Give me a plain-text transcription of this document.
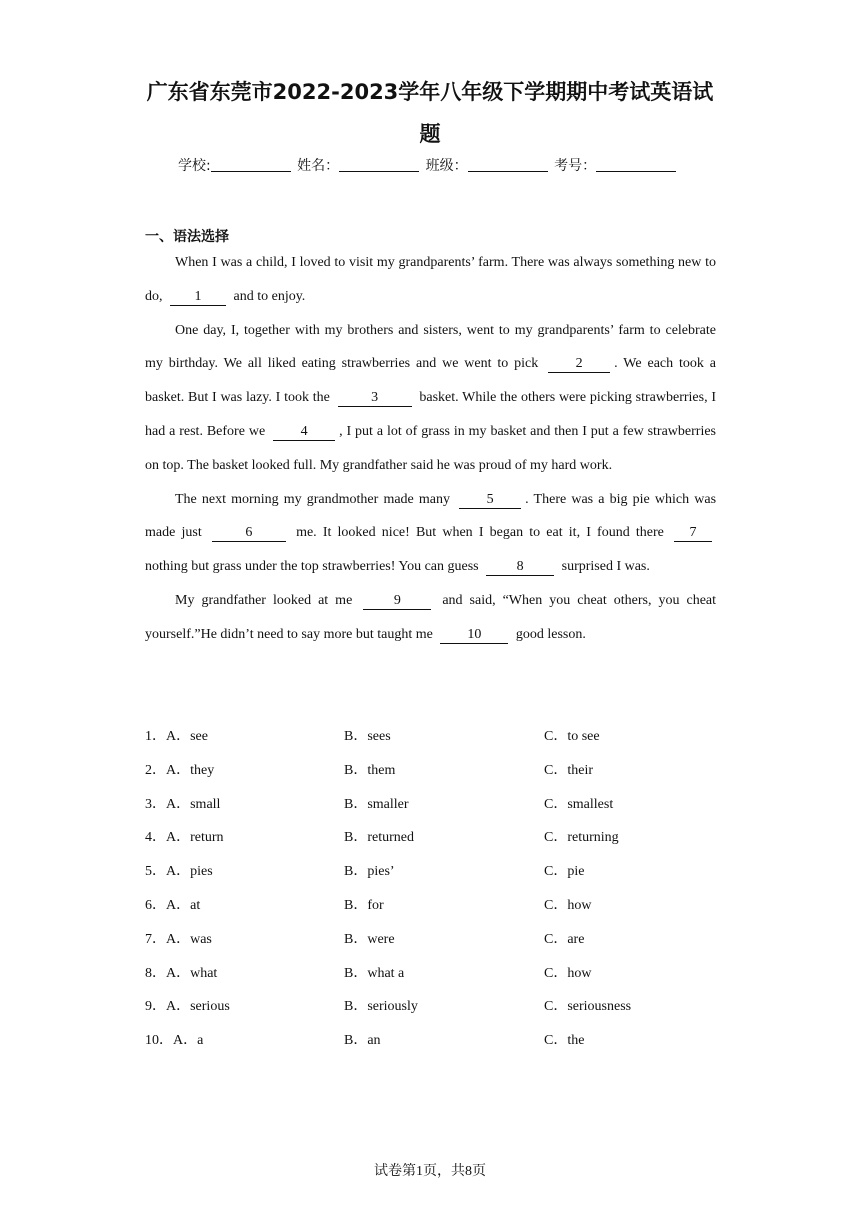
广东省东莞市2022-2023学年八年级下学期期中考试英语试
题
学校:	姓名：	班级：	考号：
一、语法选择

When I was a child, I loved to visit my grandparents’ farm. There was always something new to do, 1 and to enjoy.

One day, I, together with my brothers and sisters, went to my grandparents’ farm to celebrate my birthday. We all liked eating strawberries and we went to pick	2 . We each took a basket. But I was lazy. I took the	3	basket. While the others were picking strawberries, I had a rest. Before we	4 , I put a lot of grass in my basket and then I put a few strawberries on top. The basket looked full. My grandfather said he was proud of my hard work.

The next morning my grandmother made many	5 . There was a big pie which was made just	6	me. It looked nice! But when I began to eat it, I found there 7 nothing but grass under the top strawberries! You can guess	8	surprised I was.

My grandfather looked at me	9	and said, “When you cheat others, you cheat yourself.”He didn’t need to say more but taught me 10 good lesson.

1．A．see	B．sees	C．to see
2．A．they	B．them	C．their
3．A．small	B．smaller	C．smallest
4．A．return	B．returned	C．returning
5．A．pies	B．pies’	C．pie
6．A．at	B．for	C．how
7．A．was	B．were	C．are
8．A．what	B．what a	C．how
9．A．serious	B．seriously	C．seriousness
10．A．a	B．an	C．the
试卷第1页，共8页
